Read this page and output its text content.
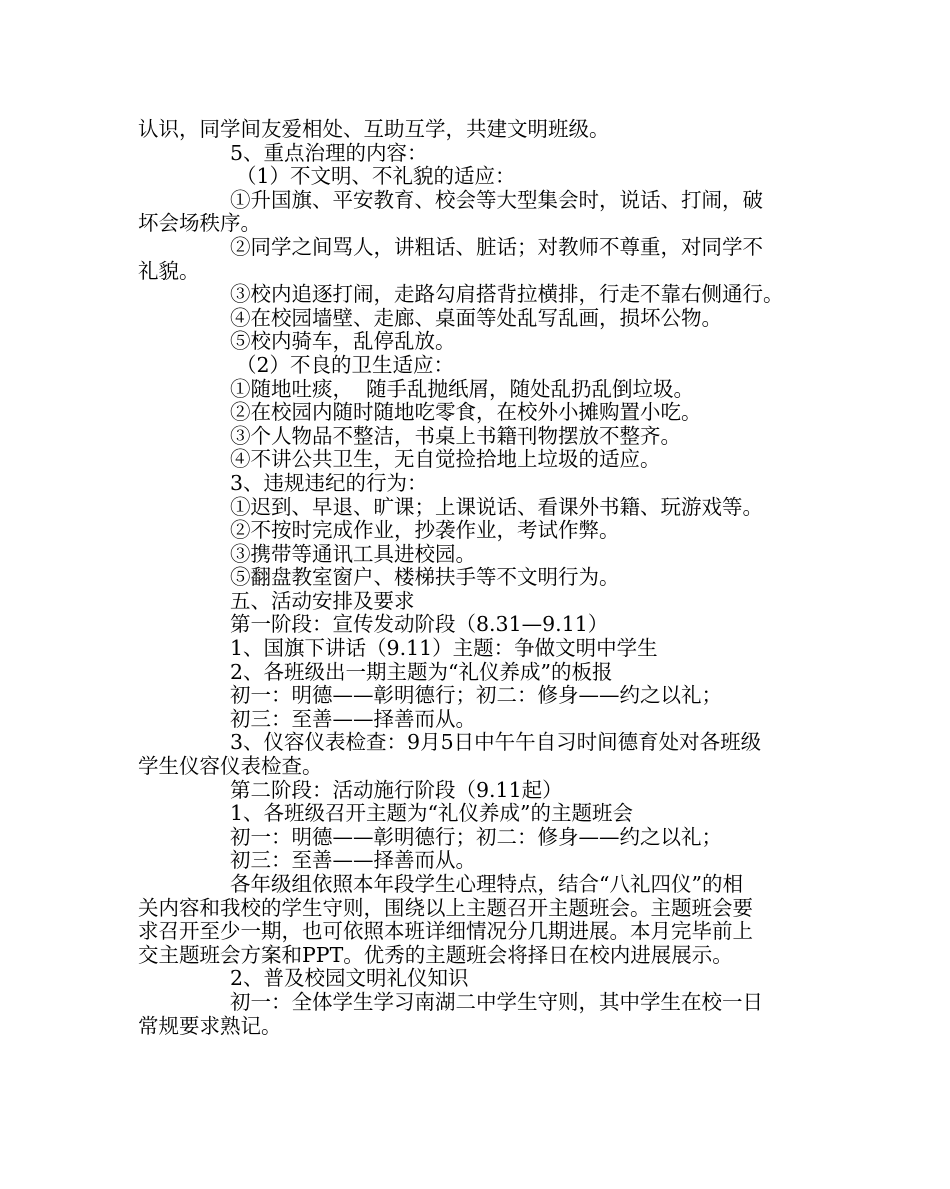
认识，同学间友爱相处、互助互学，共建文明班级。

5、重点治理的内容：

（1）不文明、不礼貌的适应：

①升国旗、平安教育、校会等大型集会时，说话、打闹，破

坏会场秩序。

②同学之间骂人，讲粗话、脏话；对教师不尊重，对同学不

礼貌。

③校内追逐打闹，走路勾肩搭背拉横排，行走不靠右侧通行。

④在校园墙壁、走廊、桌面等处乱写乱画，损坏公物。

⑤校内骑车，乱停乱放。

（2）不良的卫生适应：

①随地吐痰，  随手乱抛纸屑，随处乱扔乱倒垃圾。

②在校园内随时随地吃零食，在校外小摊购置小吃。

③个人物品不整洁，书桌上书籍刊物摆放不整齐。

④不讲公共卫生，无自觉捡拾地上垃圾的适应。

3、违规违纪的行为：

①迟到、早退、旷课；上课说话、看课外书籍、玩游戏等。

②不按时完成作业，抄袭作业，考试作弊。

③携带等通讯工具进校园。

⑤翻盘教室窗户、楼梯扶手等不文明行为。

五、活动安排及要求

第一阶段：宣传发动阶段（8.31—9.11）

1、国旗下讲话（9.11）主题：争做文明中学生

2、各班级出一期主题为“礼仪养成”的板报

初一：明德——彰明德行；初二：修身——约之以礼；

初三：至善——择善而从。

3、仪容仪表检查：9月5日中午午自习时间德育处对各班级

学生仪容仪表检查。

第二阶段：活动施行阶段（9.11起）

1、各班级召开主题为“礼仪养成”的主题班会

初一：明德——彰明德行；初二：修身——约之以礼；

初三：至善——择善而从。

各年级组依照本年段学生心理特点，结合“八礼四仪”的相

关内容和我校的学生守则，围绕以上主题召开主题班会。主题班会要

求召开至少一期，也可依照本班详细情况分几期进展。本月完毕前上

交主题班会方案和PPT。优秀的主题班会将择日在校内进展展示。

2、普及校园文明礼仪知识

初一：全体学生学习南湖二中学生守则，其中学生在校一日

常规要求熟记。
